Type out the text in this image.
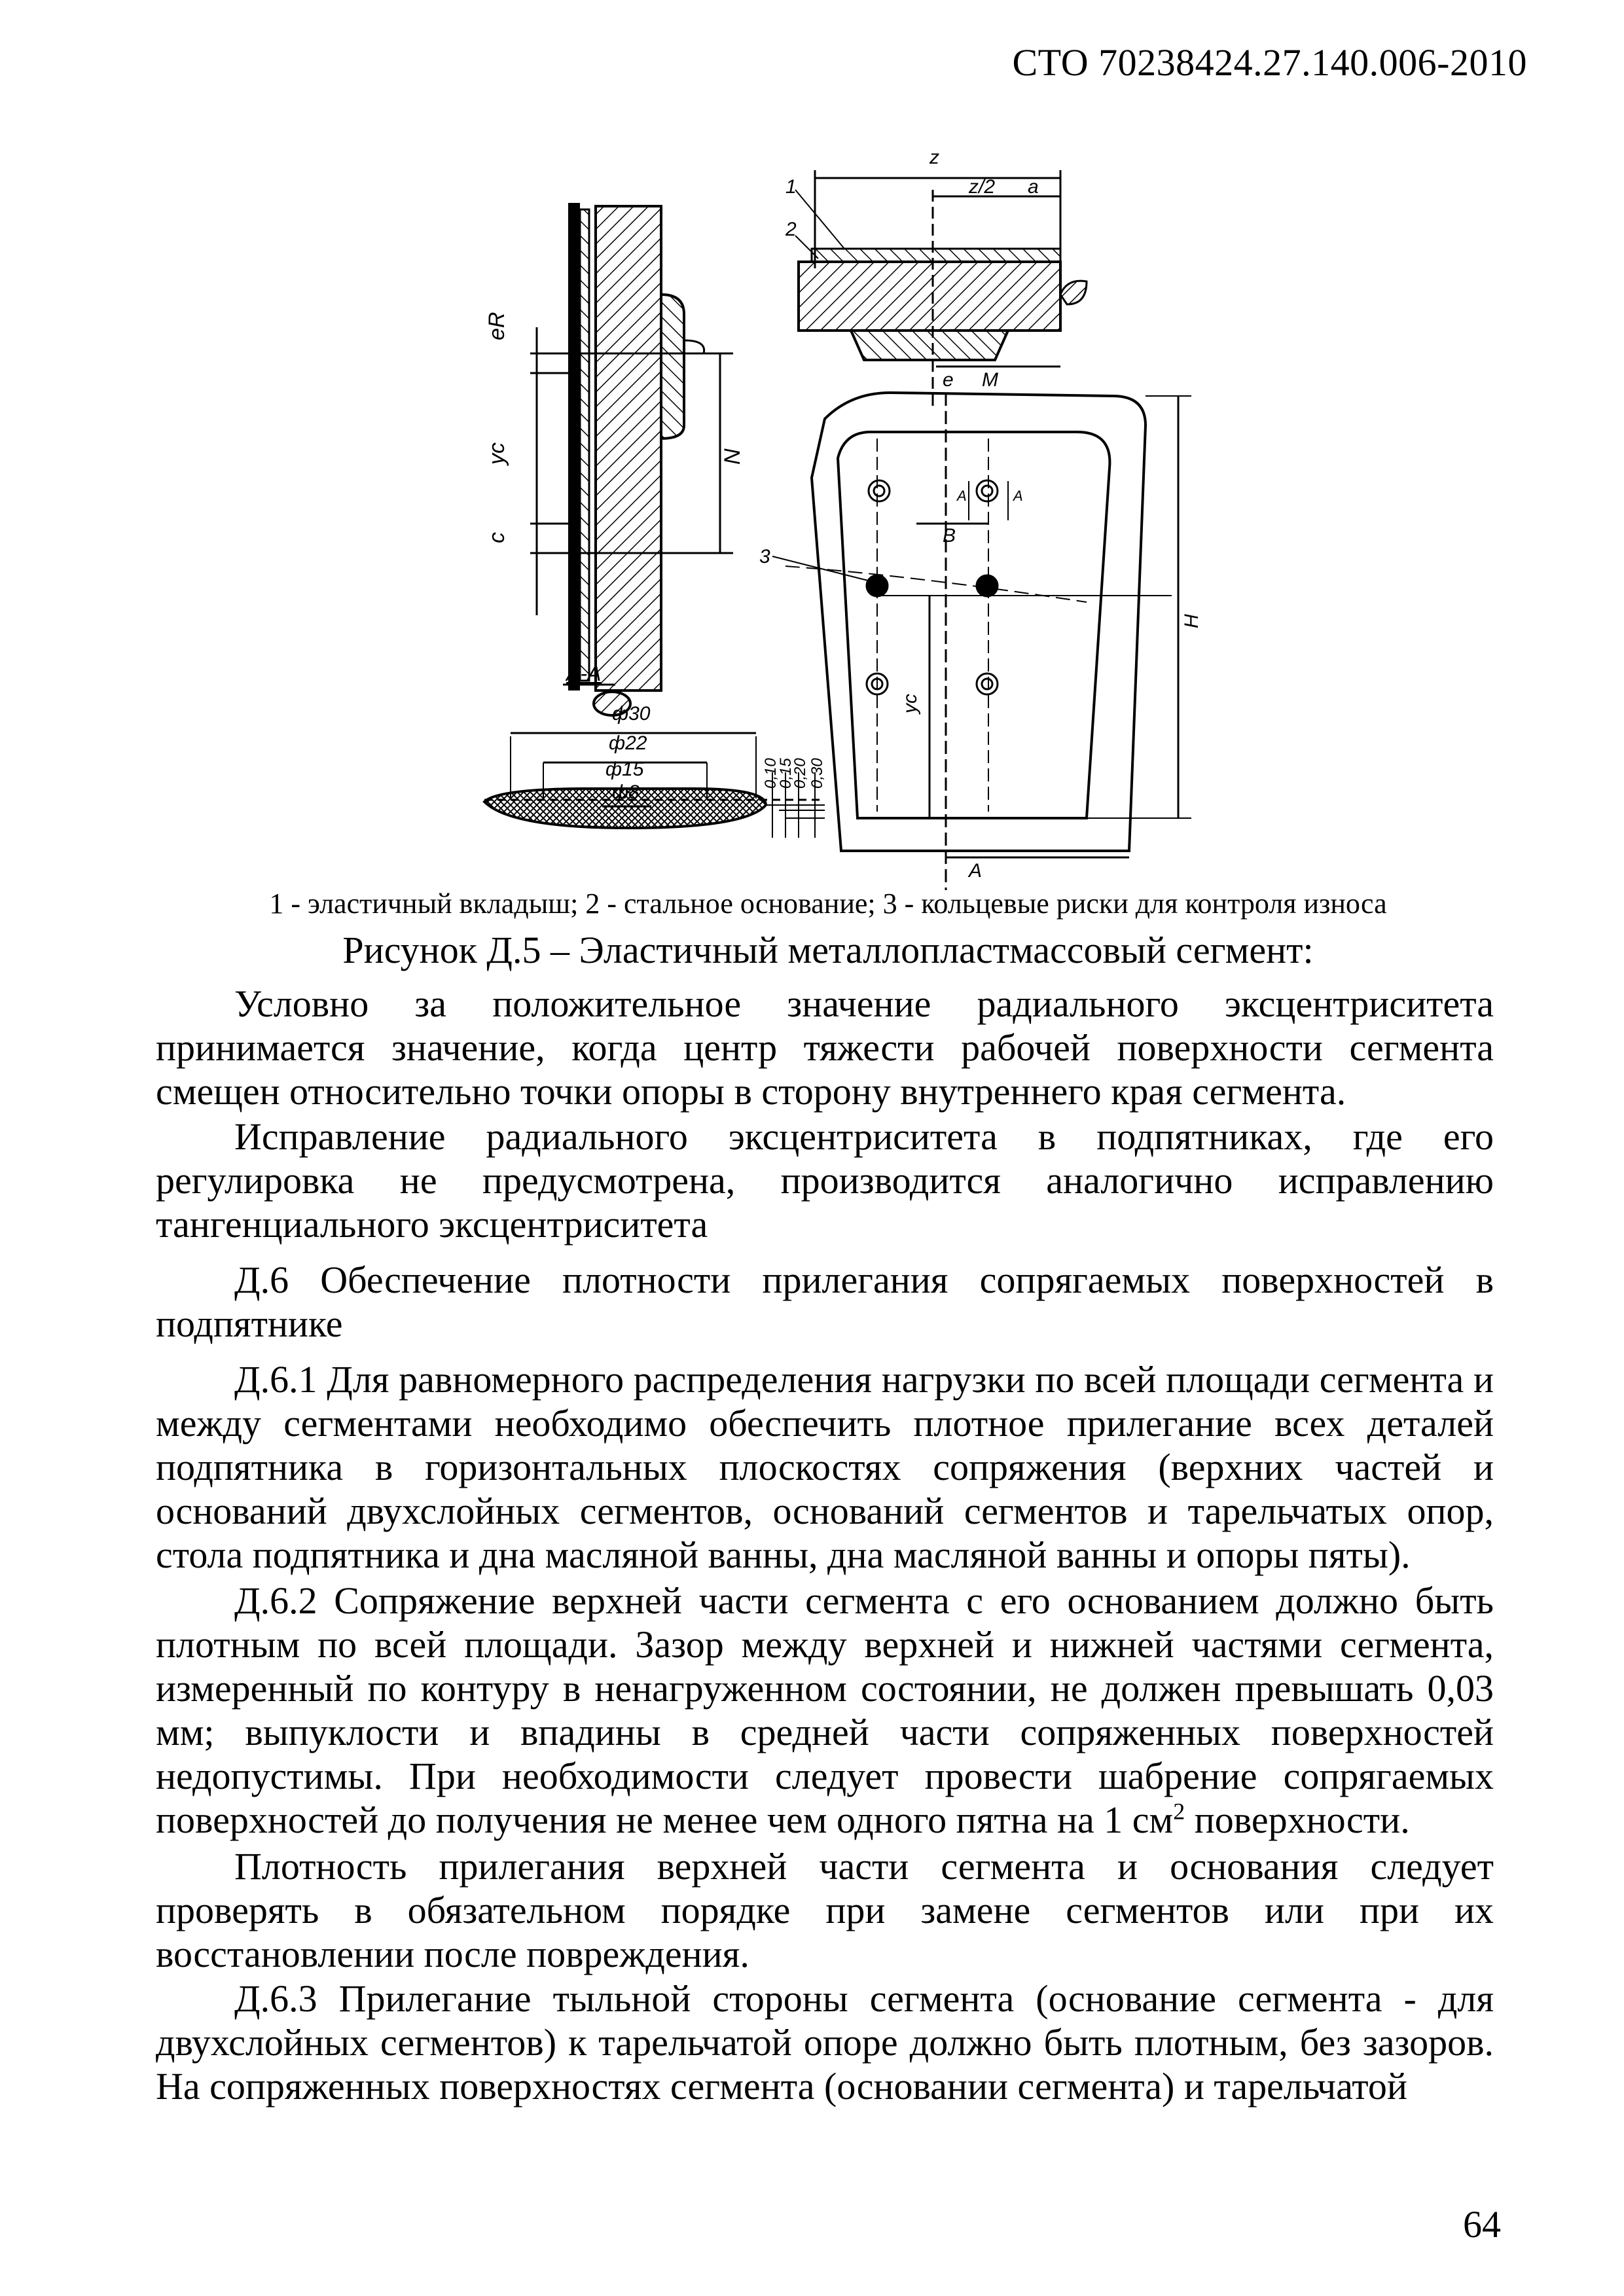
СТО 70238424.27.140.006-2010
eR
yc
c
N
z
z/2 a
e M
1
2
3
B
H
yc
A
A	A
A-A
ф30
ф22
ф15
ф8
0,10
0,15
0,20 0,30
1 - эластичный вкладыш; 2 - стальное основание; 3 - кольцевые риски для контроля износа
Рисунок Д.5 – Эластичный металлопластмассовый сегмент:

Условно за положительное значение радиального эксцентриситета принимается значение, когда центр тяжести рабочей поверхности сегмента смещен относительно точки опоры в сторону внутреннего края сегмента.

Исправление радиального эксцентриситета в подпятниках, где его регулировка не предусмотрена, производится аналогично исправлению тангенциального эксцентриситета

Д.6 Обеспечение плотности прилегания сопрягаемых поверхностей в подпятнике

Д.6.1 Для равномерного распределения нагрузки по всей площади сегмента и между сегментами необходимо обеспечить плотное прилегание всех деталей подпятника в горизонтальных плоскостях сопряжения (верхних частей и оснований двухслойных сегментов, оснований сегментов и тарельчатых опор, стола подпятника и дна масляной ванны, дна масляной ванны и опоры пяты).

Д.6.2 Сопряжение верхней части сегмента с его основанием должно быть плотным по всей площади. Зазор между верхней и нижней частями сегмента, измеренный по контуру в ненагруженном состоянии, не должен превышать 0,03 мм; выпуклости и впадины в средней части сопряженных поверхностей недопустимы. При необходимости следует провести шабрение сопрягаемых поверхностей до получения не менее чем одного пятна на 1 $см^2$ поверхности.

Плотность прилегания верхней части сегмента и основания следует проверять в обязательном порядке при замене сегментов или при их восстановлении после повреждения.

Д.6.3 Прилегание тыльной стороны сегмента (основание сегмента - для двухслойных сегментов) к тарельчатой опоре должно быть плотным, без зазоров. На сопряженных поверхностях сегмента (основании сегмента) и тарельчатой

64
